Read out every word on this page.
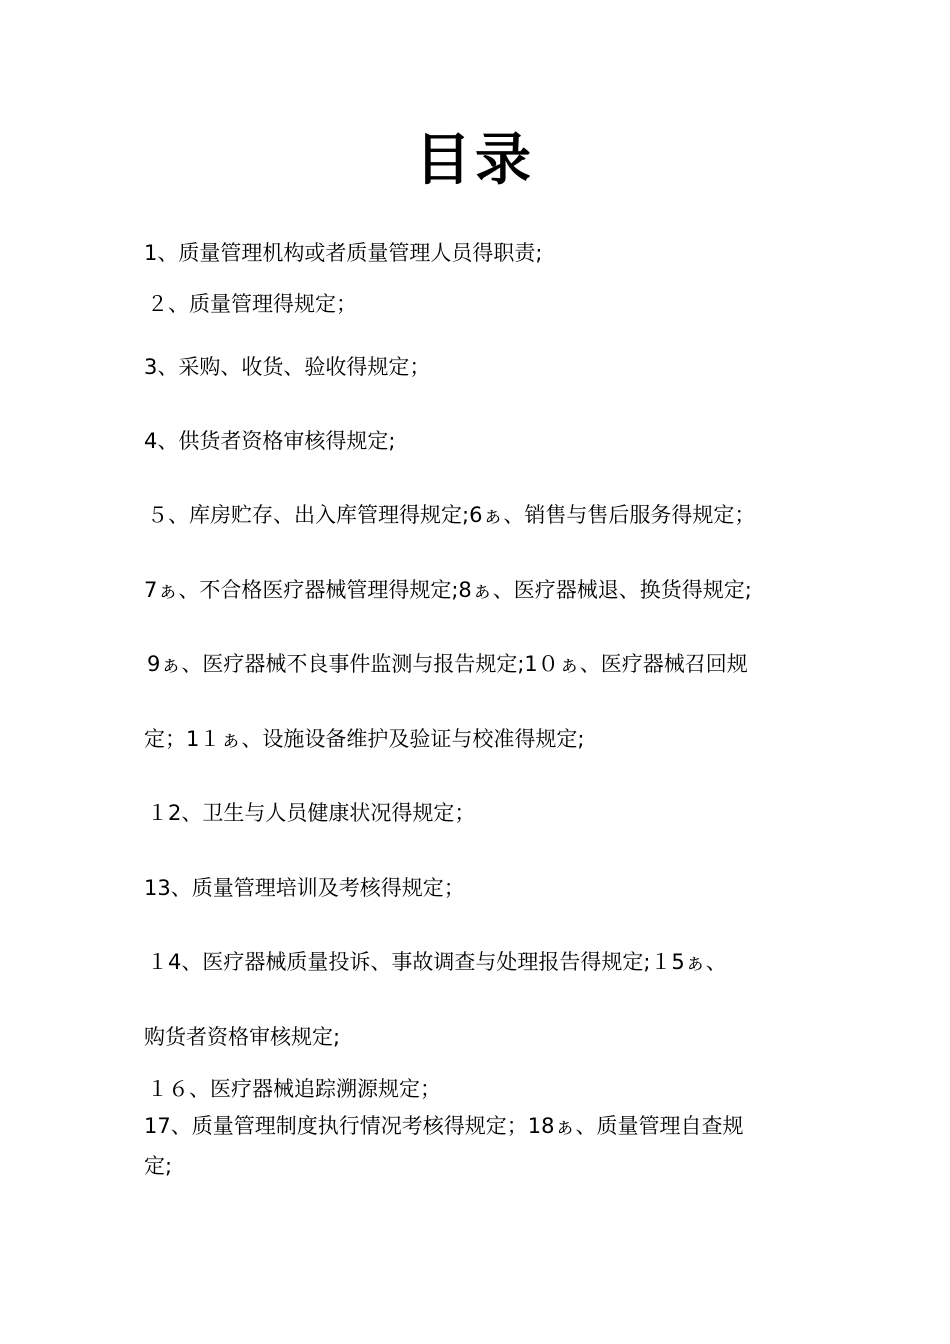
目录
1、质量管理机构或者质量管理人员得职责;
２、质量管理得规定；
3、采购、收货、验收得规定；
4、供货者资格审核得规定;
５、库房贮存、出入库管理得规定;6ぁ、销售与售后服务得规定；
7ぁ、不合格医疗器械管理得规定;8ぁ、医疗器械退、换货得规定;
9ぁ、医疗器械不良事件监测与报告规定;1０ぁ、医疗器械召回规
定；1１ぁ、设施设备维护及验证与校准得规定;
１2、卫生与人员健康状况得规定；
13、质量管理培训及考核得规定；
１4、医疗器械质量投诉、事故调查与处理报告得规定;１5ぁ、
购货者资格审核规定;
１６、医疗器械追踪溯源规定；
17、质量管理制度执行情况考核得规定；18ぁ、质量管理自查规
定;
